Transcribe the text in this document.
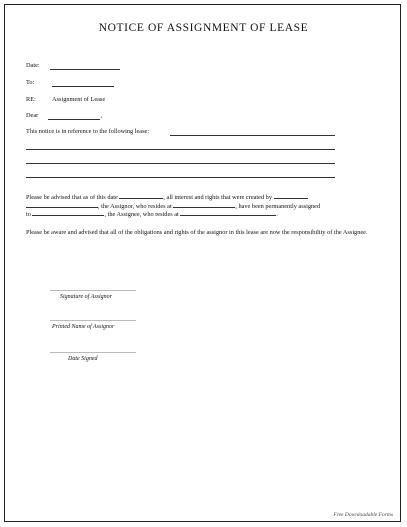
NOTICE OF ASSIGNMENT OF LEASE
Date:
To:
RE:	Assignment of Lease
Dear	,
This notice is in reference to the following lease:
Please be advised that as of this date	, all interest and rights that were created by
, the Assignor, who resides at	, have been permanently assigned
to	, the Assignee, who resides at	.
Please be aware and advised that all of the obligations and rights of the assignor in this lease are now the responsibility of the Assignee.
Signature of Assignor
Printed Name of Assignor
Date Signed
Free Downloadable Forms
